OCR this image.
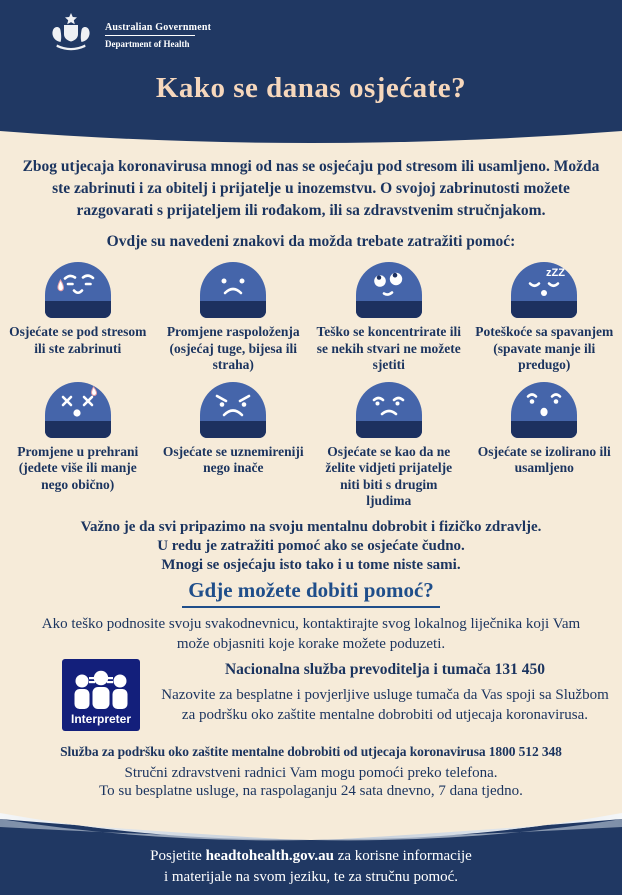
Australian Government
Department of Health
Kako se danas osjećate?
Zbog utjecaja koronavirusa mnogi od nas se osjećaju pod stresom ili usamljeno. Možda ste zabrinuti i za obitelj i prijatelje u inozemstvu. O svojoj zabrinutosti možete razgovarati s prijateljem ili rođakom, ili sa zdravstvenim stručnjakom.
Ovdje su navedeni znakovi da možda trebate zatražiti pomoć:
Osjećate se pod stresom ili ste zabrinuti
Promjene raspoloženja (osjećaj tuge, bijesa ili straha)
Teško se koncentrirate ili se nekih stvari ne možete sjetiti
zZZ
Poteškoće sa spavanjem (spavate manje ili predugo)
Promjene u prehrani (jedete više ili manje nego obično)
Osjećate se uznemireniji nego inače
Osjećate se kao da ne želite vidjeti prijatelje niti biti s drugim ljudima
Osjećate se izolirano ili usamljeno
Važno je da svi pripazimo na svoju mentalnu dobrobit i fizičko zdravlje.
U redu je zatražiti pomoć ako se osjećate čudno.
Mnogi se osjećaju isto tako i u tome niste sami.
Gdje možete dobiti pomoć?
Ako teško podnosite svoju svakodnevnicu, kontaktirajte svog lokalnog liječnika koji Vam može objasniti koje korake možete poduzeti.
Interpreter
Nacionalna služba prevoditelja i tumača 131 450
Nazovite za besplatne i povjerljive usluge tumača da Vas spoji sa Službom za podršku oko zaštite mentalne dobrobiti od utjecaja koronavirusa.
Služba za podršku oko zaštite mentalne dobrobiti od utjecaja koronavirusa 1800 512 348
Stručni zdravstveni radnici Vam mogu pomoći preko telefona.
To su besplatne usluge, na raspolaganju 24 sata dnevno, 7 dana tjedno.
Posjetite headtohealth.gov.au za korisne informacije
i materijale na svom jeziku, te za stručnu pomoć.
